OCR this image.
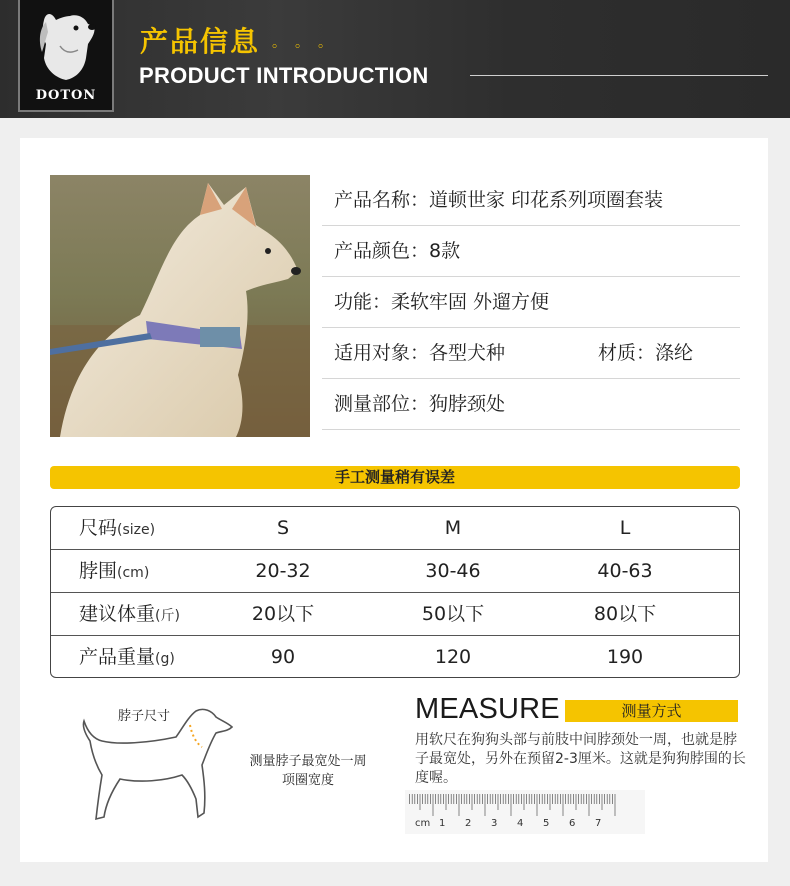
DOTON
产品信息 。。。
PRODUCT INTRODUCTION
产品名称：道顿世家 印花系列项圈套装
产品颜色：8款
功能：柔软牢固 外遛方便
适用对象：各型犬种	材质：涤纶
测量部位：狗脖颈处
手工测量稍有误差
尺码(size)	S	M	L
脖围(cm)	20-32	30-46	40-63
建议体重(斤)	20以下	50以下	80以下
产品重量(g)	90	120	190
脖子尺寸
测量脖子最宽处一周
项圈宽度
MEASURE	测量方式
用软尺在狗狗头部与前肢中间脖颈处一周，也就是脖子最宽处，另外在预留2-3厘米。这就是狗狗脖围的长度喔。
cm 1 2 3 4 5 6 7
